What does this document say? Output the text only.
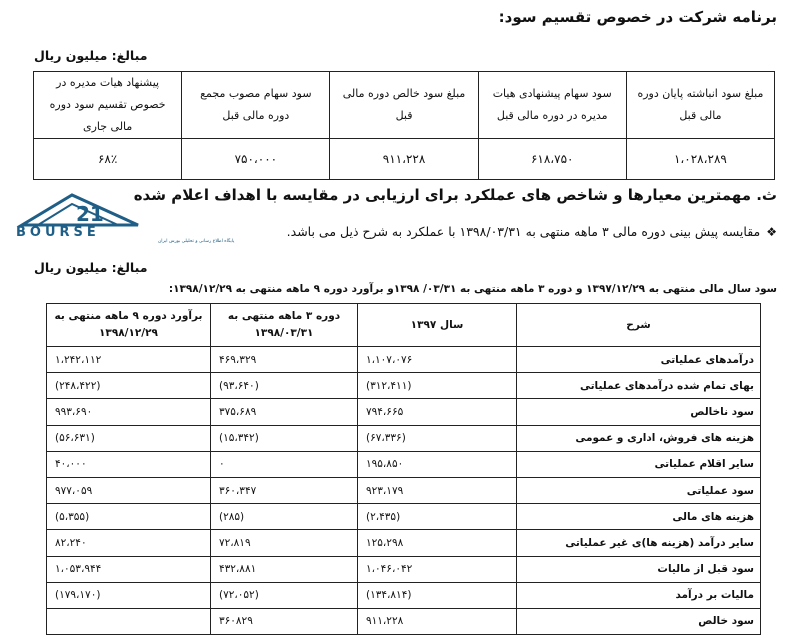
برنامه شرکت در خصوص تقسیم سود:
مبالغ: میلیون ریال
مبلغ سود انباشته پایان دوره مالی قبل	سود سهام پیشنهادی هیات مدیره در دوره مالی قبل	مبلغ سود خالص دوره مالی قبل	سود سهام مصوب مجمع دوره مالی قبل	پیشنهاد هیات مدیره در خصوص تقسیم سود دوره مالی جاری
۱،۰۲۸،۲۸۹	۶۱۸،۷۵۰	۹۱۱،۲۲۸	۷۵۰،۰۰۰	۶۸٪
21
BOURSE
پایگاه اطلاع رسانی و تحلیلی بورس ایران
ث. مهمترین معیارها و شاخص های عملکرد برای ارزیابی در مقایسه با اهداف اعلام شده
❖مقایسه پیش بینی دوره مالی ۳ ماهه منتهی به ۱۳۹۸/۰۳/۳۱ با عملکرد به شرح ذیل می باشد.
مبالغ: میلیون ریال
سود سال مالی منتهی به ۱۳۹۷/۱۲/۲۹ و دوره ۳ ماهه منتهی به ۰۳/۳۱/ ۱۳۹۸و برآورد دوره ۹ ماهه منتهی به ۱۳۹۸/۱۲/۲۹:
شرح	سال ۱۳۹۷	دوره ۳ ماهه منتهی به ۱۳۹۸/۰۳/۳۱	برآورد دوره ۹ ماهه منتهی به ۱۳۹۸/۱۲/۲۹
درآمدهای عملیاتی	۱،۱۰۷،۰۷۶	۴۶۹،۳۲۹	۱،۲۴۲،۱۱۲
بهای تمام شده درآمدهای عملیاتی	(۳۱۲،۴۱۱)	(۹۳،۶۴۰)	(۲۴۸،۴۲۲)
سود ناخالص	۷۹۴،۶۶۵	۳۷۵،۶۸۹	۹۹۳،۶۹۰
هزینه های فروش، اداری و عمومی	(۶۷،۳۳۶)	(۱۵،۳۴۲)	(۵۶،۶۳۱)
سایر اقلام عملیاتی	۱۹۵،۸۵۰	۰	۴۰،۰۰۰
سود عملیاتی	۹۲۳،۱۷۹	۳۶۰،۳۴۷	۹۷۷،۰۵۹
هزینه های مالی	(۲،۴۳۵)	(۲۸۵)	(۵،۳۵۵)
سایر درآمد (هزینه ها)ی غیر عملیاتی	۱۲۵،۲۹۸	۷۲،۸۱۹	۸۲،۲۴۰
سود قبل از مالیات	۱،۰۴۶،۰۴۲	۴۳۲،۸۸۱	۱،۰۵۳،۹۴۴
مالیات بر درآمد	(۱۳۴،۸۱۴)	(۷۲،۰۵۲)	(۱۷۹،۱۷۰)
سود خالص	۹۱۱،۲۲۸	۳۶۰۸۲۹	
